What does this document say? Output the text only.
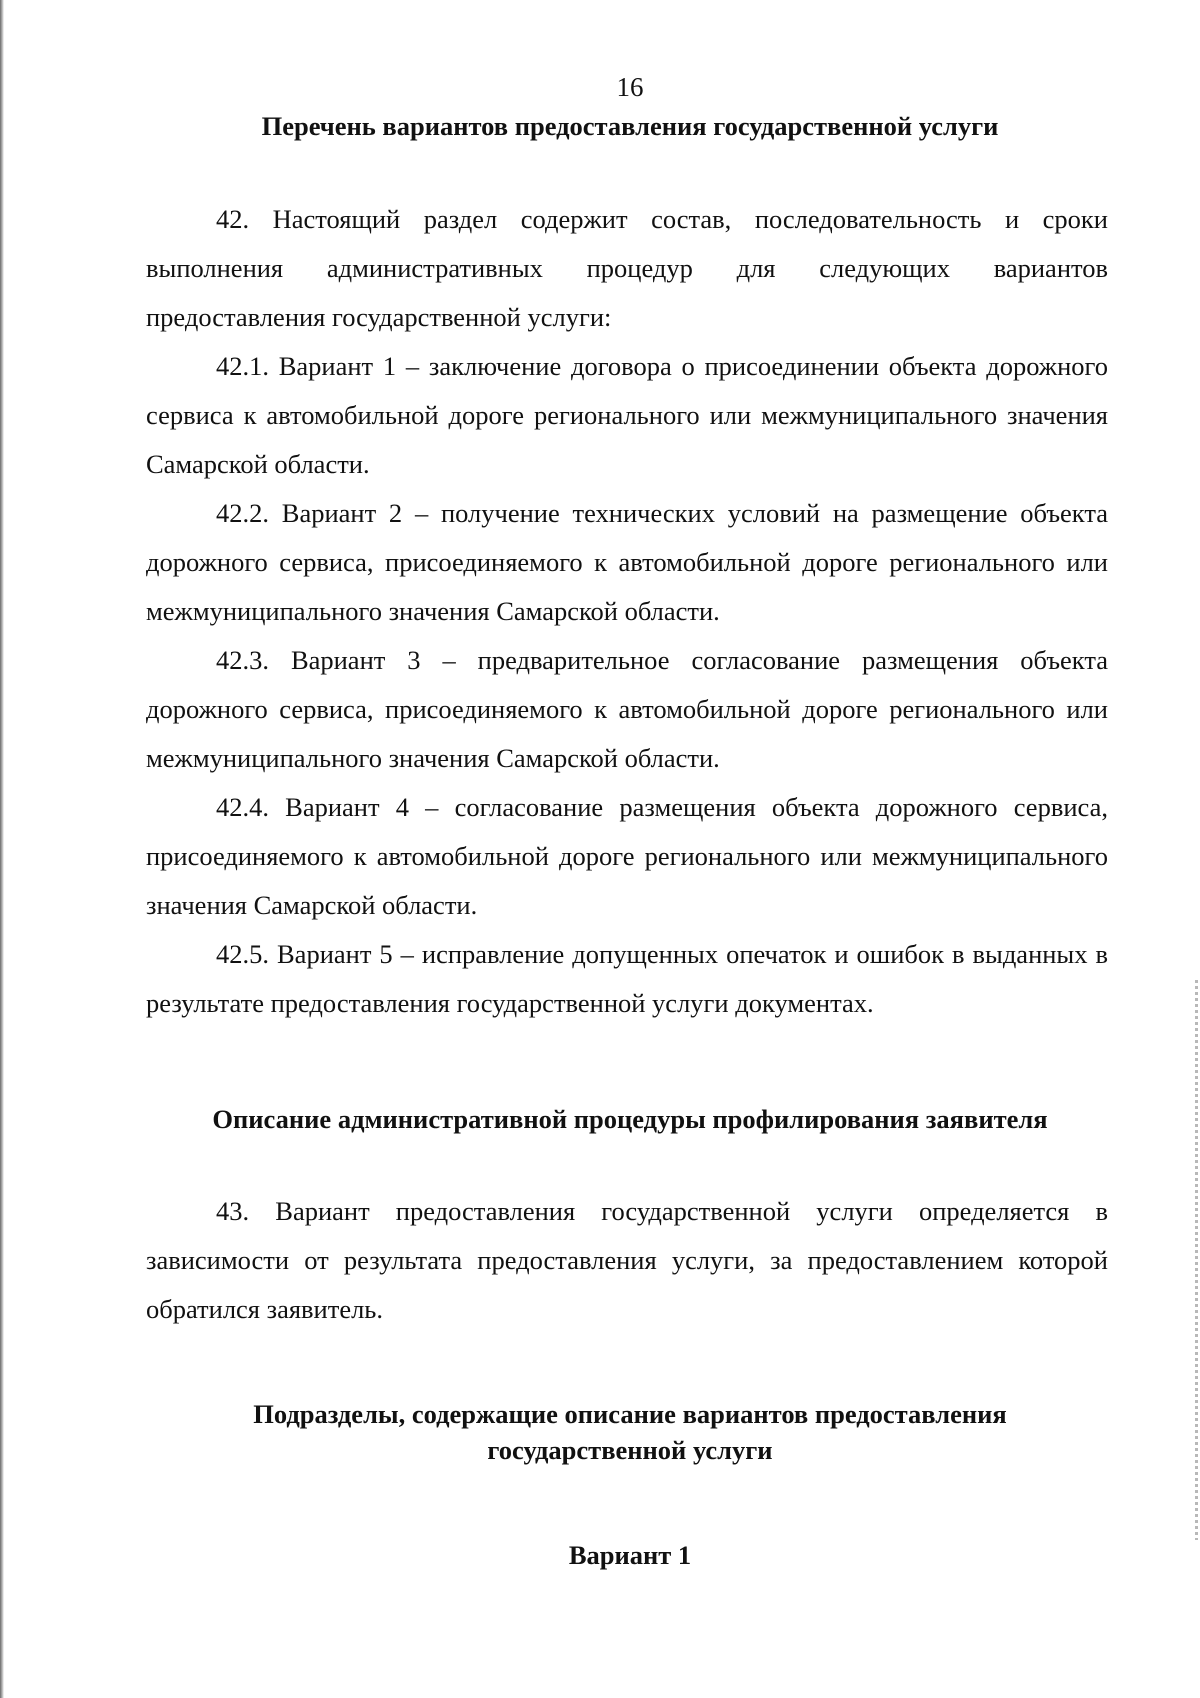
16
Перечень вариантов предоставления государственной услуги

42. Настоящий раздел содержит состав, последовательность и сроки выполнения административных процедур для следующих вариантов предоставления государственной услуги:

42.1. Вариант 1 – заключение договора о присоединении объекта дорожного сервиса к автомобильной дороге регионального или межмуниципального значения Самарской области.

42.2. Вариант 2 – получение технических условий на размещение объекта дорожного сервиса, присоединяемого к автомобильной дороге регионального или межмуниципального значения Самарской области.

42.3. Вариант 3 – предварительное согласование размещения объекта дорожного сервиса, присоединяемого к автомобильной дороге регионального или межмуниципального значения Самарской области.

42.4. Вариант 4 – согласование размещения объекта дорожного сервиса, присоединяемого к автомобильной дороге регионального или межмуниципального значения Самарской области.

42.5. Вариант 5 – исправление допущенных опечаток и ошибок в выданных в результате предоставления государственной услуги документах.

Описание административной процедуры профилирования заявителя

43. Вариант предоставления государственной услуги определяется в зависимости от результата предоставления услуги, за предоставлением которой обратился заявитель.

Подразделы, содержащие описание вариантов предоставления государственной услуги
Вариант 1
